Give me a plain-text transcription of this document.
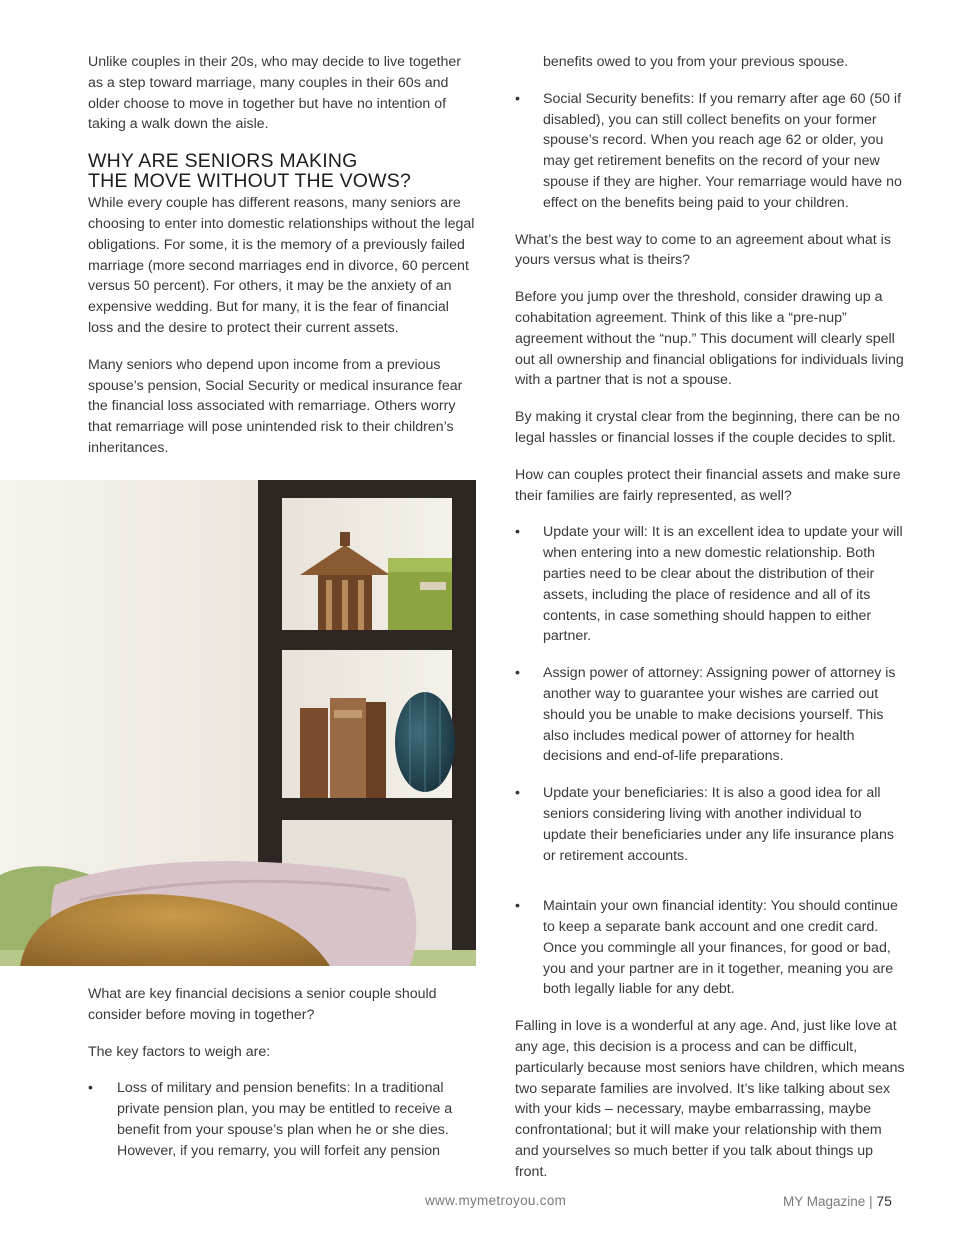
Unlike couples in their 20s, who may decide to live together as a step toward marriage, many couples in their 60s and older choose to move in together but have no intention of taking a walk down the aisle.

WHY ARE SENIORS MAKING
THE MOVE WITHOUT THE VOWS?

While every couple has different reasons, many seniors are choosing to enter into domestic relationships without the legal obligations. For some, it is the memory of a previously failed marriage (more second marriages end in divorce, 60 percent versus 50 percent). For others, it may be the anxiety of an expensive wedding. But for many, it is the fear of financial loss and the desire to protect their current assets.

Many seniors who depend upon income from a previous spouse’s pension, Social Security or medical insurance fear the financial loss associated with remarriage. Others worry that remarriage will pose unintended risk to their children’s inheritances.

What are key financial decisions a senior couple should consider before moving in together?

The key factors to weigh are:

• Loss of military and pension benefits: In a traditional private pension plan, you may be entitled to receive a benefit from your spouse’s plan when he or she dies. However, if you remarry, you will forfeit any pension

benefits owed to you from your previous spouse.

• Social Security benefits: If you remarry after age 60 (50 if disabled), you can still collect benefits on your former spouse’s record. When you reach age 62 or older, you may get retirement benefits on the record of your new spouse if they are higher. Your remarriage would have no effect on the benefits being paid to your children.

What’s the best way to come to an agreement about what is yours versus what is theirs?

Before you jump over the threshold, consider drawing up a cohabitation agreement. Think of this like a “pre-nup” agreement without the “nup.” This document will clearly spell out all ownership and financial obligations for individuals living with a partner that is not a spouse.

By making it crystal clear from the beginning, there can be no legal hassles or financial losses if the couple decides to split.

How can couples protect their financial assets and make sure their families are fairly represented, as well?

• Update your will: It is an excellent idea to update your will when entering into a new domestic relationship. Both parties need to be clear about the distribution of their assets, including the place of residence and all of its contents, in case something should happen to either partner.
• Assign power of attorney: Assigning power of attorney is another way to guarantee your wishes are carried out should you be unable to make decisions yourself. This also includes medical power of attorney for health decisions and end-of-life preparations.
• Update your beneficiaries: It is also a good idea for all seniors considering living with another individual to update their beneficiaries under any life insurance plans or retirement accounts.
• Maintain your own financial identity: You should continue to keep a separate bank account and one credit card. Once you commingle all your finances, for good or bad, you and your partner are in it together, meaning you are both legally liable for any debt.

Falling in love is a wonderful at any age. And, just like love at any age, this decision is a process and can be difficult, particularly because most seniors have children, which means two separate families are involved. It’s like talking about sex with your kids – necessary, maybe embarrassing, maybe confrontational; but it will make your relationship with them and yourselves so much better if you talk about things up front.

www.mymetroyou.com	MY Magazine | 75
